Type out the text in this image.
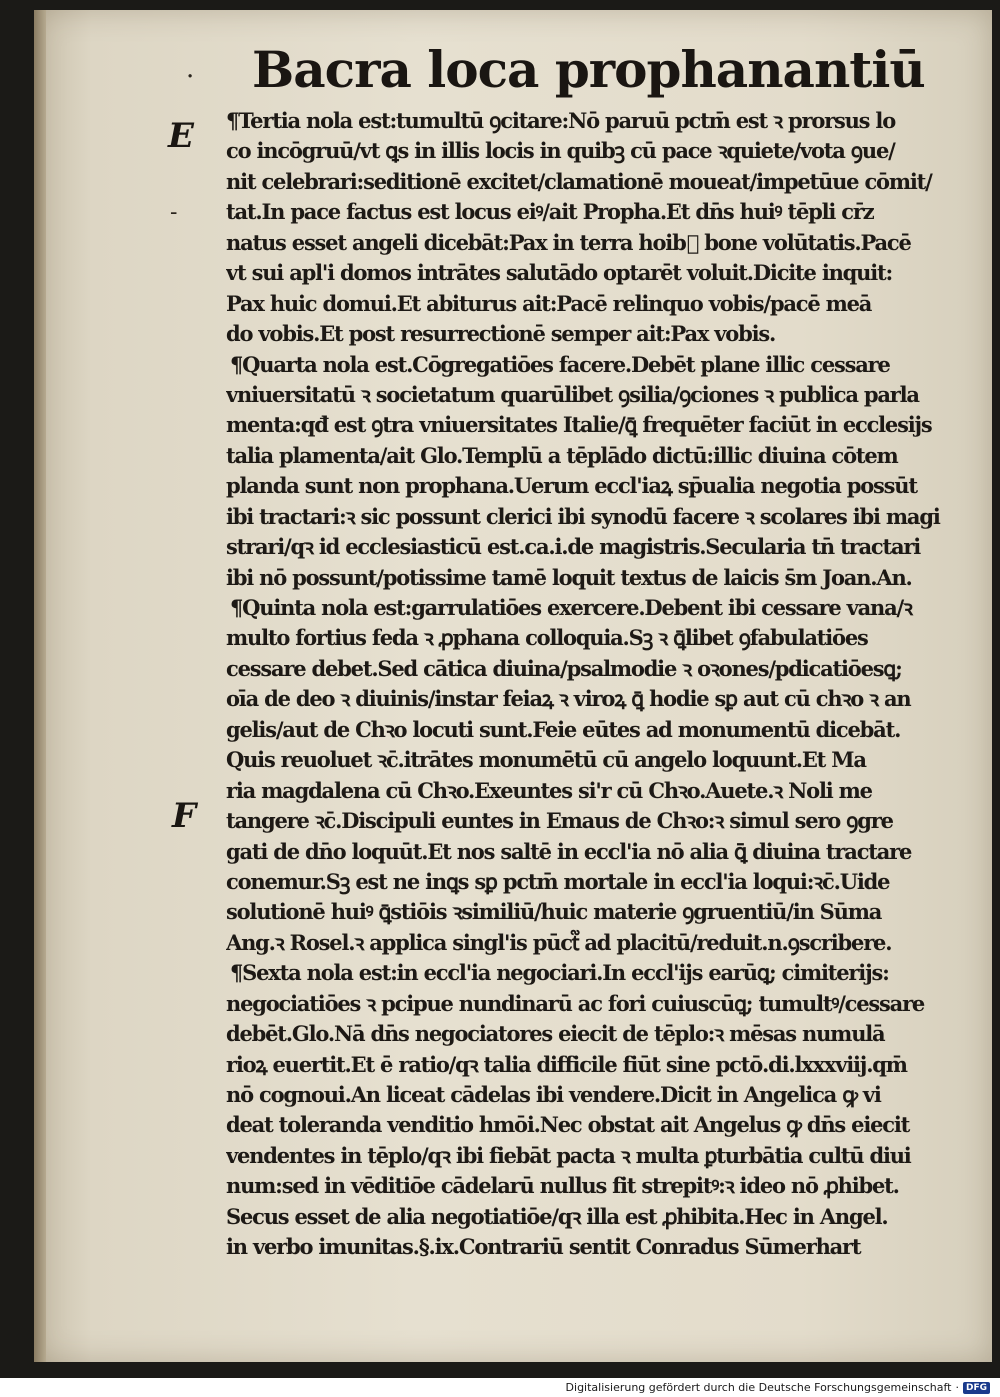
· Bacra loca prophanantiū
E
-
F
¶Tertia nola est:tumultū ꝯcitare:Nō paruū pctm̄ est ꝛ prorsus lo
co incōgruū/vt ꝗs in illis locis in quibꝫ cū pace ꝛquiete/vota ꝯue/
nit celebrari:seditionē excitet/clamationē moueat/impetūue cōmit/
tat.In pace factus est locus eiꝰ/ait Propha.Et dn̄s huiꝰ tēpli cr̄z
natus esset angeli dicebāt:Pax in terra hoib᷑ bone volūtatis.Pacē
vt sui apl'i domos intrātes salutādo optarēt voluit.Dicite inquit:
Pax huic domui.Et abiturus ait:Pacē relinquo vobis/pacē meā
do vobis.Et post resurrectionē semper ait:Pax vobis.
¶Quarta nola est.Cōgregatiōes facere.Debēt plane illic cessare
vniuersitatū ꝛ societatum quarūlibet ꝯsilia/ꝯciones ꝛ publica parla
menta:qđ est ꝯtra vniuersitates Italie/ꝗ̄ frequēter faciūt in ecclesijs
talia plamenta/ait Glo.Templū a tēplādo dictū:illic diuina cōtem
planda sunt non prophana.Uerum eccl'iaꝝ sp̄ualia negotia possūt
ibi tractari:ꝛ sic possunt clerici ibi synodū facere ꝛ scolares ibi magi
strari/qꝛ id ecclesiasticū est.ca.i.de magistris.Secularia tn̄ tractari
ibi nō possunt/potissime tamē loquit textus de laicis s̄m Joan.An.
¶Quinta nola est:garrulatiōes exercere.Debent ibi cessare vana/ꝛ
multo fortius feda ꝛ ꝓphana colloquia.Sꝫ ꝛ ꝗ̄libet ꝯfabulatiōes
cessare debet.Sed cātica diuina/psalmodie ꝛ oꝛones/pdicatiōesꝗ;
oīa de deo ꝛ diuinis/instar feiaꝝ ꝛ viroꝝ ꝗ̄ hodie sꝑ aut cū chꝛo ꝛ an
gelis/aut de Chꝛo locuti sunt.Feie eūtes ad monumentū dicebāt.
Quis reuoluet ꝛc̄.itrātes monumētū cū angelo loquunt.Et Ma
ria magdalena cū Chꝛo.Exeuntes si'r cū Chꝛo.Auete.ꝛ Noli me
tangere ꝛc̄.Discipuli euntes in Emaus de Chꝛo:ꝛ simul sero ꝯgre
gati de dn̄o loquūt.Et nos saltē in eccl'ia nō alia ꝗ̄ diuina tractare
conemur.Sꝫ est ne inꝗs sꝑ pctm̄ mortale in eccl'ia loqui:ꝛc̄.Uide
solutionē huiꝰ ꝗ̄stiōis ꝛsimiliū/huic materie ꝯgruentiū/in Sūma
Ang.ꝛ Rosel.ꝛ applica singl'is pūct᷑ ad placitū/reduit.n.ꝯscribere.
¶Sexta nola est:in eccl'ia negociari.In eccl'ijs earūꝗ; cimiterijs:
negociatiōes ꝛ pcipue nundinarū ac fori cuiuscūꝗ; tumultꝰ/cessare
debēt.Glo.Nā dn̄s negociatores eiecit de tēplo:ꝛ mēsas numulā
rioꝝ euertit.Et ē ratio/qꝛ talia difficile fiūt sine pctō.di.lxxxviij.qm̄
nō cognoui.An liceat cādelas ibi vendere.Dicit in Angelica ꝙ vi
deat toleranda venditio hmōi.Nec obstat ait Angelus ꝙ dn̄s eiecit
vendentes in tēplo/qꝛ ibi fiebāt pacta ꝛ multa ꝑturbātia cultū diui
num:sed in vēditiōe cādelarū nullus fit strepitꝰ:ꝛ ideo nō ꝓhibet.
Secus esset de alia negotiatiōe/qꝛ illa est ꝓhibita.Hec in Angel.
in verbo imunitas.§.ix.Contrariū sentit Conradus Sūmerhart
Digitalisierung gefördert durch die Deutsche Forschungsgemeinschaft · DFG
